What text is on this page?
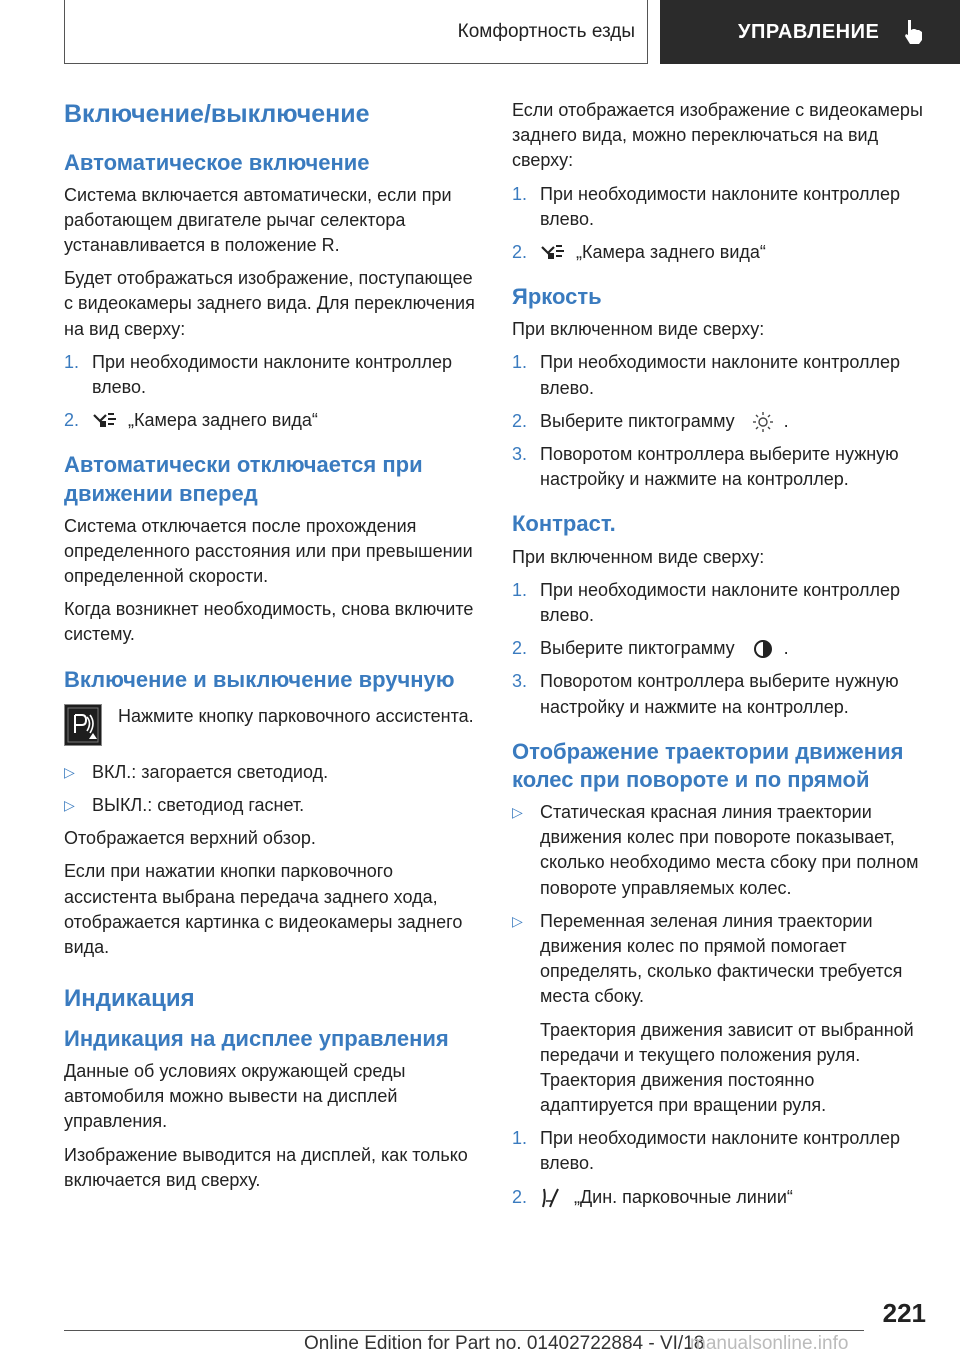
Комфортность езды	УПРАВЛЕНИЕ
Включение/выключение
Автоматическое включение

Система включается автоматически, если при работающем двигателе рычаг селектора устанавливается в положение R.

Будет отображаться изображение, поступающее с видеокамеры заднего вида. Для переключения на вид сверху:

1. При необходимости наклоните контроллер влево.
2.	„Камера заднего вида“
Автоматически отключается при движении вперед

Система отключается после прохождения определенного расстояния или при превышении определенной скорости.

Когда возникнет необходимость, снова включите систему.

Включение и выключение вручную

Нажмите кнопку парковочного ассистента.

▷ ВКЛ.: загорается светодиод.
▷ ВЫКЛ.: светодиод гаснет.

Отображается верхний обзор.

Если при нажатии кнопки парковочного ассистента выбрана передача заднего хода, отображается картинка с видеокамеры заднего вида.

Индикация
Индикация на дисплее управления

Данные об условиях окружающей среды автомобиля можно вывести на дисплей управления.

Изображение выводится на дисплей, как только включается вид сверху.

Если отображается изображение с видеокамеры заднего вида, можно переключаться на вид сверху:

1. При необходимости наклоните контроллер влево.
2.	„Камера заднего вида“
Яркость

При включенном виде сверху:

1. При необходимости наклоните контроллер влево.
2. Выберите пиктограмму	.
3. Поворотом контроллера выберите нужную настройку и нажмите на контроллер.
Контраст.

При включенном виде сверху:

1. При необходимости наклоните контроллер влево.
2. Выберите пиктограмму	.
3. Поворотом контроллера выберите нужную настройку и нажмите на контроллер.
Отображение траектории движения колес при повороте и по прямой
▷ Статическая красная линия траектории движения колес при повороте показывает, сколько необходимо места сбоку при полном повороте управляемых колес.
▷ Переменная зеленая линия траектории движения колес по прямой помогает определять, сколько фактически требуется места сбоку.

Траектория движения зависит от выбранной передачи и текущего положения руля. Траектория движения постоянно адаптируется при вращении руля.

1. При необходимости наклоните контроллер влево.
2.	„Дин. парковочные линии“
221
Online Edition for Part no. 01402722884 - VI/18
manualsonline.info
